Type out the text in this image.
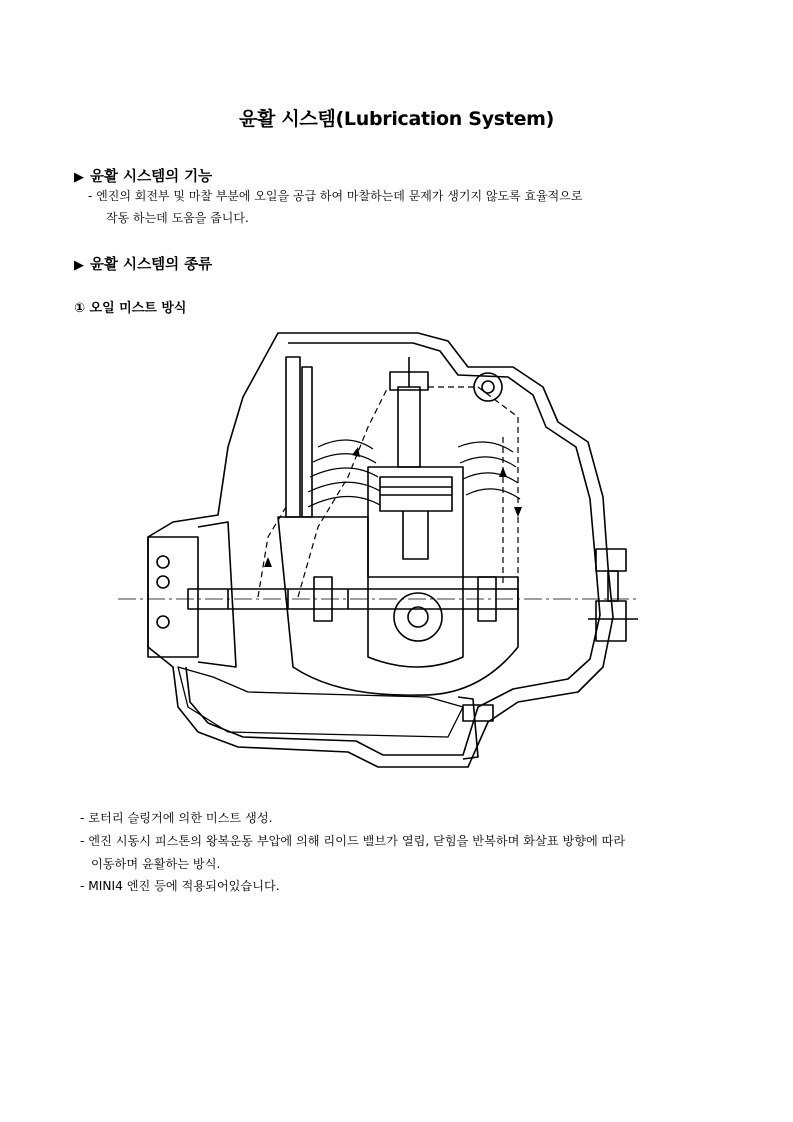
윤활 시스템(Lubrication System)
▶ 윤활 시스템의 기능
- 엔진의 회전부 및 마찰 부분에 오일을 공급 하여 마찰하는데 문제가 생기지 않도록 효율적으로
작동 하는데 도움을 줍니다.
▶ 윤활 시스템의 종류
① 오일 미스트 방식
- 로터리 슬링거에 의한 미스트 생성.
- 엔진 시동시 피스톤의 왕복운동 부압에 의해 리이드 밸브가 열림, 닫힘을 반복하며 화살표 방향에 따라
이동하며 윤활하는 방식.
- MINI4 엔진 등에 적용되어있습니다.
